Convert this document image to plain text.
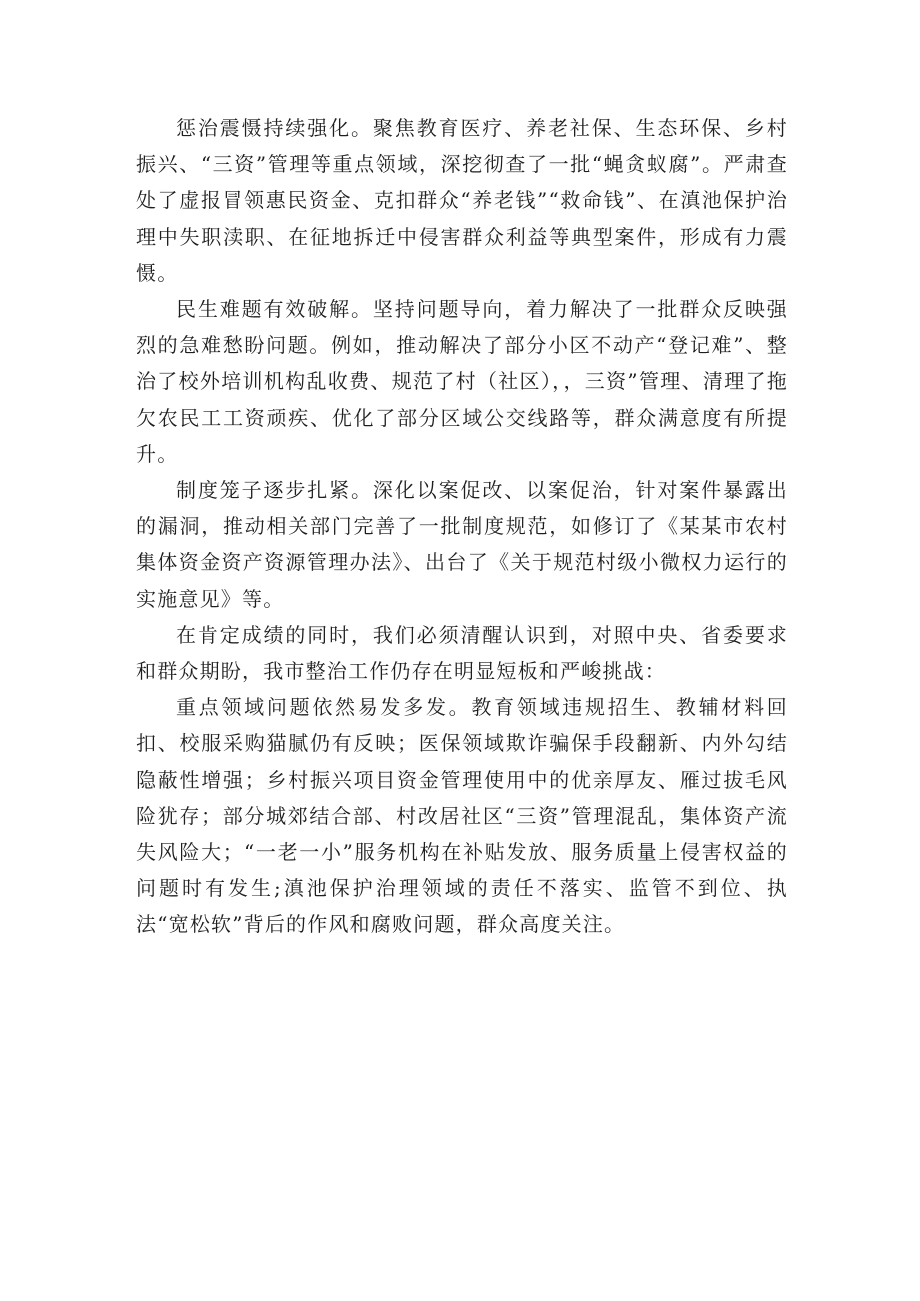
惩治震慑持续强化。聚焦教育医疗、养老社保、生态环保、乡村振兴、“三资”管理等重点领域，深挖彻查了一批“蝇贪蚁腐”。严肃查处了虚报冒领惠民资金、克扣群众“养老钱”“救命钱”、在滇池保护治理中失职渎职、在征地拆迁中侵害群众利益等典型案件，形成有力震慑。

民生难题有效破解。坚持问题导向，着力解决了一批群众反映强烈的急难愁盼问题。例如，推动解决了部分小区不动产“登记难”、整治了校外培训机构乱收费、规范了村（社区），，三资”管理、清理了拖欠农民工工资顽疾、优化了部分区域公交线路等，群众满意度有所提升。

制度笼子逐步扎紧。深化以案促改、以案促治，针对案件暴露出的漏洞，推动相关部门完善了一批制度规范，如修订了《某某市农村集体资金资产资源管理办法》、出台了《关于规范村级小微权力运行的实施意见》等。

在肯定成绩的同时，我们必须清醒认识到，对照中央、省委要求和群众期盼，我市整治工作仍存在明显短板和严峻挑战：

重点领域问题依然易发多发。教育领域违规招生、教辅材料回扣、校服采购猫腻仍有反映；医保领域欺诈骗保手段翻新、内外勾结隐蔽性增强；乡村振兴项目资金管理使用中的优亲厚友、雁过拔毛风险犹存；部分城郊结合部、村改居社区“三资”管理混乱，集体资产流失风险大；“一老一小”服务机构在补贴发放、服务质量上侵害权益的问题时有发生;滇池保护治理领域的责任不落实、监管不到位、执法“宽松软”背后的作风和腐败问题，群众高度关注。
